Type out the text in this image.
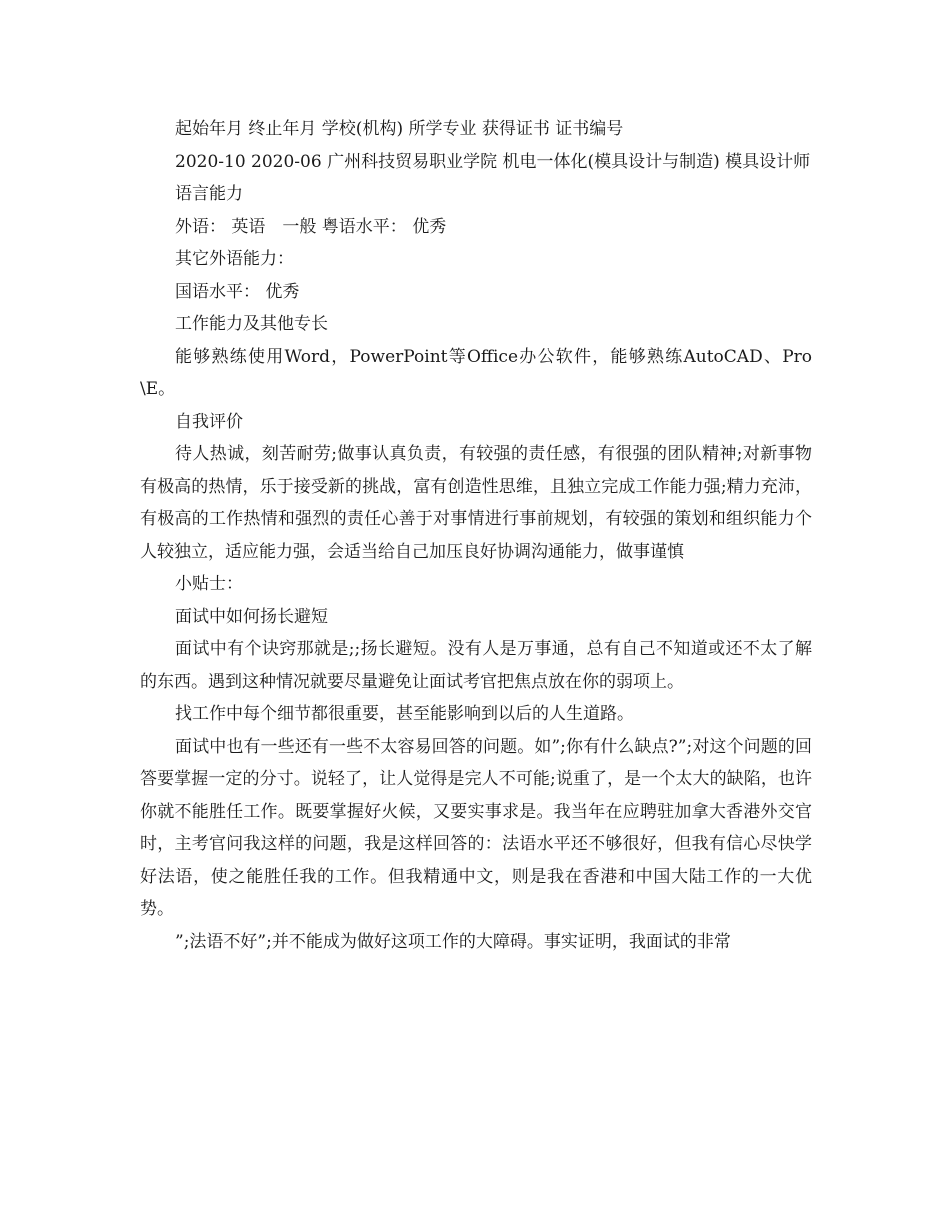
起始年月 终止年月 学校(机构) 所学专业 获得证书 证书编号

2020-10 2020-06 广州科技贸易职业学院 机电一体化(模具设计与制造) 模具设计师

语言能力

外语： 英语　一般 粤语水平： 优秀

其它外语能力：

国语水平： 优秀

工作能力及其他专长

能够熟练使用Word，PowerPoint等Office办公软件，能够熟练AutoCAD、Pro\E。

自我评价

待人热诚，刻苦耐劳;做事认真负责，有较强的责任感，有很强的团队精神;对新事物有极高的热情，乐于接受新的挑战，富有创造性思维，且独立完成工作能力强;精力充沛，有极高的工作热情和强烈的责任心善于对事情进行事前规划，有较强的策划和组织能力个人较独立，适应能力强，会适当给自己加压良好协调沟通能力，做事谨慎

小贴士：

面试中如何扬长避短

面试中有个诀窍那就是;;扬长避短。没有人是万事通，总有自己不知道或还不太了解的东西。遇到这种情况就要尽量避免让面试考官把焦点放在你的弱项上。

找工作中每个细节都很重要，甚至能影响到以后的人生道路。

面试中也有一些还有一些不太容易回答的问题。如”;你有什么缺点?”;对这个问题的回答要掌握一定的分寸。说轻了，让人觉得是完人不可能;说重了，是一个太大的缺陷，也许你就不能胜任工作。既要掌握好火候，又要实事求是。我当年在应聘驻加拿大香港外交官时，主考官问我这样的问题，我是这样回答的：法语水平还不够很好，但我有信心尽快学好法语，使之能胜任我的工作。但我精通中文，则是我在香港和中国大陆工作的一大优势。

”;法语不好”;并不能成为做好这项工作的大障碍。事实证明，我面试的非常
